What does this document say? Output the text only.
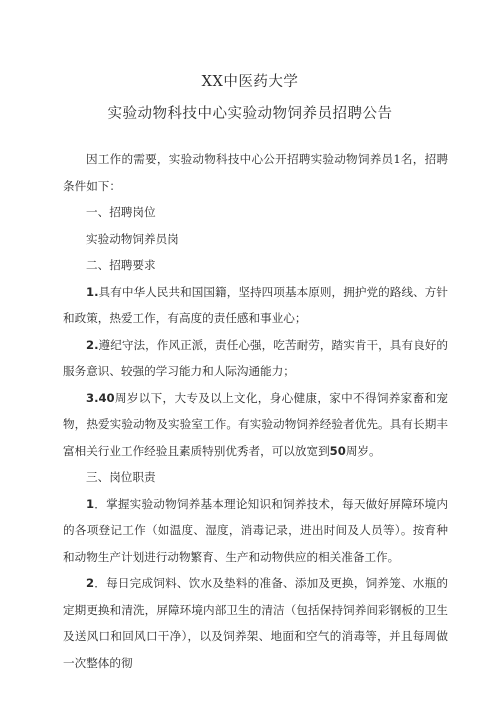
XX中医药大学
实验动物科技中心实验动物饲养员招聘公告

因工作的需要，实验动物科技中心公开招聘实验动物饲养员1名，招聘条件如下：

一、招聘岗位

实验动物饲养员岗

二、招聘要求

1.具有中华人民共和国国籍，坚持四项基本原则，拥护党的路线、方针和政策，热爱工作，有高度的责任感和事业心；

2.遵纪守法，作风正派，责任心强，吃苦耐劳，踏实肯干，具有良好的服务意识、较强的学习能力和人际沟通能力；

3.40周岁以下，大专及以上文化，身心健康，家中不得饲养家畜和宠物，热爱实验动物及实验室工作。有实验动物饲养经验者优先。具有长期丰富相关行业工作经验且素质特别优秀者，可以放宽到50周岁。

三、岗位职责

1．掌握实验动物饲养基本理论知识和饲养技术，每天做好屏障环境内的各项登记工作（如温度、湿度，消毒记录，进出时间及人员等）。按育种和动物生产计划进行动物繁育、生产和动物供应的相关准备工作。

2．每日完成饲料、饮水及垫料的准备、添加及更换，饲养笼、水瓶的定期更换和清洗，屏障环境内部卫生的清洁（包括保持饲养间彩钢板的卫生及送风口和回风口干净），以及饲养架、地面和空气的消毒等，并且每周做一次整体的彻
